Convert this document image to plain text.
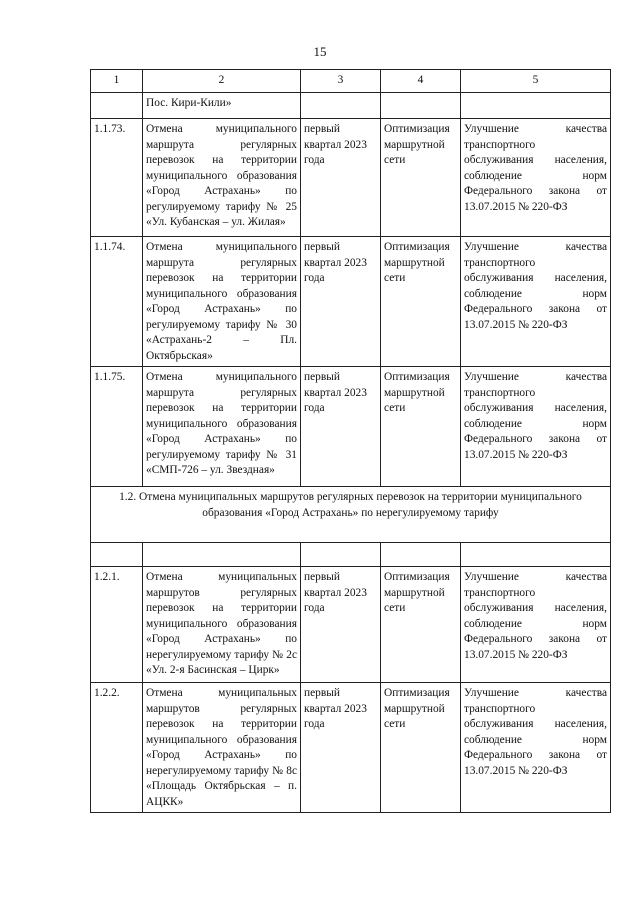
15
1	2	3	4	5
	Пос. Кири-Кили»			
1.1.73.	Отмена муниципального маршрута регулярных перевозок на территории муниципального образования «Город Астрахань» по регулируемому тарифу № 25 «Ул. Кубанская – ул. Жилая»	первый квартал 2023 года	Оптимизация маршрутной сети	Улучшение качества транспортного обслуживания населения, соблюдение норм Федерального закона от 13.07.2015 № 220-ФЗ
1.1.74.	Отмена муниципального маршрута регулярных перевозок на территории муниципального образования «Город Астрахань» по регулируемому тарифу № 30 «Астрахань-2 – Пл. Октябрьская»	первый квартал 2023 года	Оптимизация маршрутной сети	Улучшение качества транспортного обслуживания населения, соблюдение норм Федерального закона от 13.07.2015 № 220-ФЗ
1.1.75.	Отмена муниципального маршрута регулярных перевозок на территории муниципального образования «Город Астрахань» по регулируемому тарифу № 31 «СМП-726 – ул. Звездная»	первый квартал 2023 года	Оптимизация маршрутной сети	Улучшение качества транспортного обслуживания населения, соблюдение норм Федерального закона от 13.07.2015 № 220-ФЗ
1.2. Отмена муниципальных маршрутов регулярных перевозок на территории муниципального образования «Город Астрахань» по нерегулируемому тарифу				

1.2.1.	Отмена муниципальных маршрутов регулярных перевозок на территории муниципального образования «Город Астрахань» по нерегулируемому тарифу № 2с «Ул. 2-я Басинская – Цирк»	первый квартал 2023 года	Оптимизация маршрутной сети	Улучшение качества транспортного обслуживания населения, соблюдение норм Федерального закона от 13.07.2015 № 220-ФЗ
1.2.2.	Отмена муниципальных маршрутов регулярных перевозок на территории муниципального образования «Город Астрахань» по нерегулируемому тарифу № 8с «Площадь Октябрьская – п. АЦКК»	первый квартал 2023 года	Оптимизация маршрутной сети	Улучшение качества транспортного обслуживания населения, соблюдение норм Федерального закона от 13.07.2015 № 220-ФЗ
